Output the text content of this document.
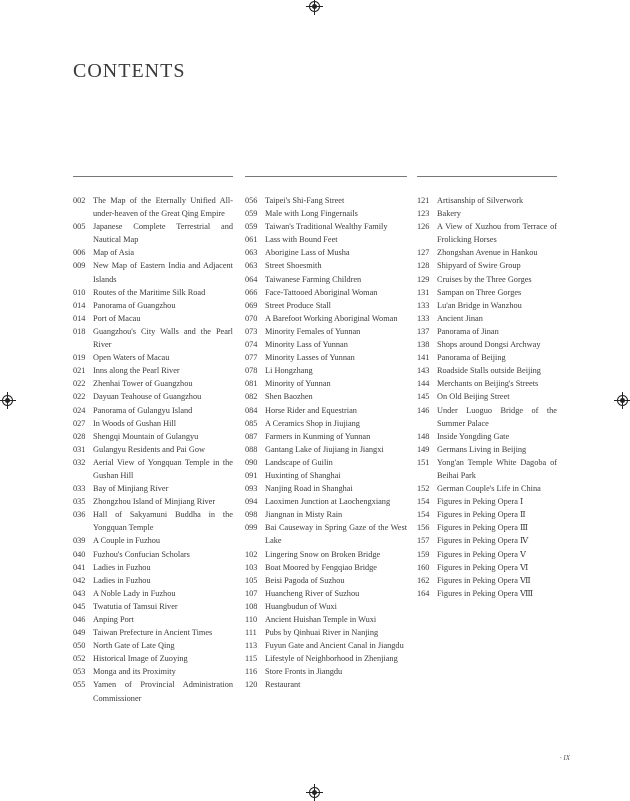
CONTENTS
002 The Map of the Eternally Unified All-under-heaven of the Great Qing Empire
005 Japanese Complete Terrestrial and Nautical Map
006 Map of Asia
009 New Map of Eastern India and Adjacent Islands
010 Routes of the Maritime Silk Road
014 Panorama of Guangzhou
014 Port of Macau
018 Guangzhou's City Walls and the Pearl River
019 Open Waters of Macau
021 Inns along the Pearl River
022 Zhenhai Tower of Guangzhou
022 Dayuan Teahouse of Guangzhou
024 Panorama of Gulangyu Island
027 In Woods of Gushan Hill
028 Shengqi Mountain of Gulangyu
031 Gulangyu Residents and Pai Gow
032 Aerial View of Yongquan Temple in the Gushan Hill
033 Bay of Minjiang River
035 Zhongzhou Island of Minjiang River
036 Hall of Sakyamuni Buddha in the Yongquan Temple
039 A Couple in Fuzhou
040 Fuzhou's Confucian Scholars
041 Ladies in Fuzhou
042 Ladies in Fuzhou
043 A Noble Lady in Fuzhou
045 Twatutia of Tamsui River
046 Anping Port
049 Taiwan Prefecture in Ancient Times
050 North Gate of Late Qing
052 Historical Image of Zuoying
053 Monga and its Proximity
055 Yamen of Provincial Administration Commissioner
056 Taipei's Shi-Fang Street
059 Male with Long Fingernails
059 Taiwan's Traditional Wealthy Family
061 Lass with Bound Feet
063 Aborigine Lass of Musha
063 Street Shoesmith
064 Taiwanese Farming Children
066 Face-Tattooed Aboriginal Woman
069 Street Produce Stall
070 A Barefoot Working Aboriginal Woman
073 Minority Females of Yunnan
074 Minority Lass of Yunnan
077 Minority Lasses of Yunnan
078 Li Hongzhang
081 Minority of Yunnan
082 Shen Baozhen
084 Horse Rider and Equestrian
085 A Ceramics Shop in Jiujiang
087 Farmers in Kunming of Yunnan
088 Gantang Lake of Jiujiang in Jiangxi
090 Landscape of Guilin
091 Huxinting of Shanghai
093 Nanjing Road in Shanghai
094 Laoximen Junction at Laochengxiang
098 Jiangnan in Misty Rain
099 Bai Causeway in Spring Gaze of the West Lake
102 Lingering Snow on Broken Bridge
103 Boat Moored by Fengqiao Bridge
105 Beisi Pagoda of Suzhou
107 Huancheng River of Suzhou
108 Huangbudun of Wuxi
110 Ancient Huishan Temple in Wuxi
111 Pubs by Qinhuai River in Nanjing
113 Fuyun Gate and Ancient Canal in Jiangdu
115 Lifestyle of Neighborhood in Zhenjiang
116 Store Fronts in Jiangdu
120 Restaurant
121 Artisanship of Silverwork
123 Bakery
126 A View of Xuzhou from Terrace of Frolicking Horses
127 Zhongshan Avenue in Hankou
128 Shipyard of Swire Group
129 Cruises by the Three Gorges
131 Sampan on Three Gorges
133 Lu'an Bridge in Wanzhou
133 Ancient Jinan
137 Panorama of Jinan
138 Shops around Dongsi Archway
141 Panorama of Beijing
143 Roadside Stalls outside Beijing
144 Merchants on Beijing's Streets
145 On Old Beijing Street
146 Under Luoguo Bridge of the Summer Palace
148 Inside Yongding Gate
149 Germans Living in Beijing
151 Yong'an Temple White Dagoba of Beihai Park
152 German Couple's Life in China
154 Figures in Peking Opera Ⅰ
154 Figures in Peking Opera Ⅱ
156 Figures in Peking Opera Ⅲ
157 Figures in Peking Opera Ⅳ
159 Figures in Peking Opera Ⅴ
160 Figures in Peking Opera Ⅵ
162 Figures in Peking Opera Ⅶ
164 Figures in Peking Opera Ⅷ
· IX
